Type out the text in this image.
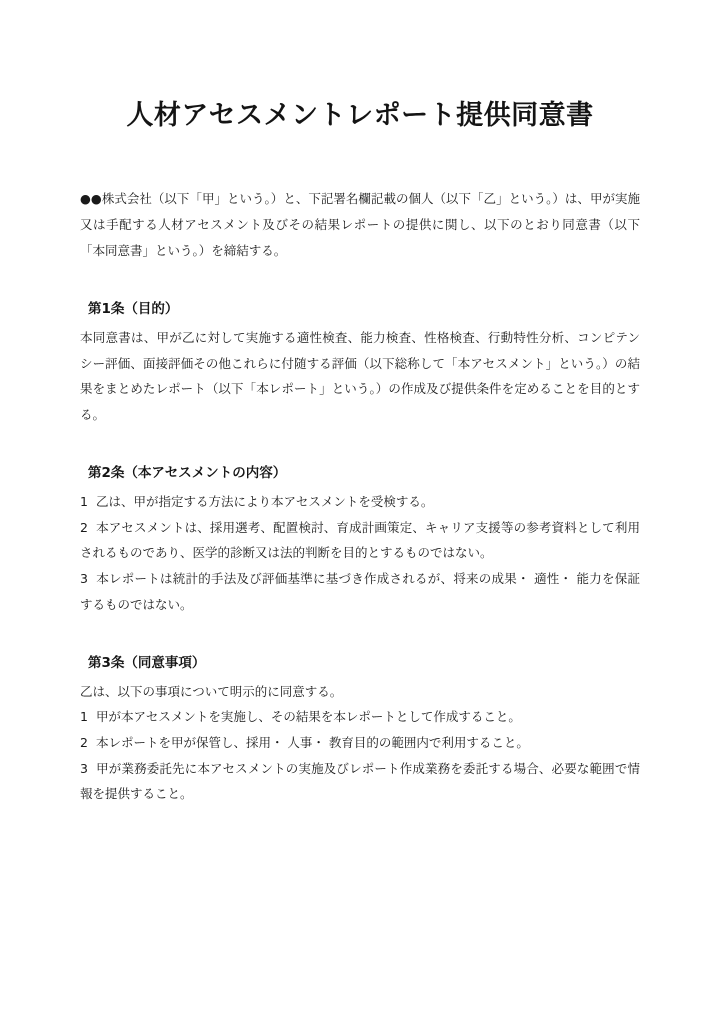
人材アセスメントレポート提供同意書

●●株式会社（以下「甲」という。）と、下記署名欄記載の個人（以下「乙」という。）は、甲が実施又は手配する人材アセスメント及びその結果レポートの提供に関し、以下のとおり同意書（以下「本同意書」という。）を締結する。

第1条（目的）

本同意書は、甲が乙に対して実施する適性検査、能力検査、性格検査、行動特性分析、コンピテンシー評価、面接評価その他これらに付随する評価（以下総称して「本アセスメント」という。）の結果をまとめたレポート（以下「本レポート」という。）の作成及び提供条件を定めることを目的とする。

第2条（本アセスメントの内容）

1 乙は、甲が指定する方法により本アセスメントを受検する。

2 本アセスメントは、採用選考、配置検討、育成計画策定、キャリア支援等の参考資料として利用されるものであり、医学的診断又は法的判断を目的とするものではない。

3 本レポートは統計的手法及び評価基準に基づき作成されるが、将来の成果・ 適性・ 能力を保証するものではない。

第3条（同意事項）

乙は、以下の事項について明示的に同意する。

1 甲が本アセスメントを実施し、その結果を本レポートとして作成すること。

2 本レポートを甲が保管し、採用・ 人事・ 教育目的の範囲内で利用すること。

3 甲が業務委託先に本アセスメントの実施及びレポート作成業務を委託する場合、必要な範囲で情報を提供すること。
